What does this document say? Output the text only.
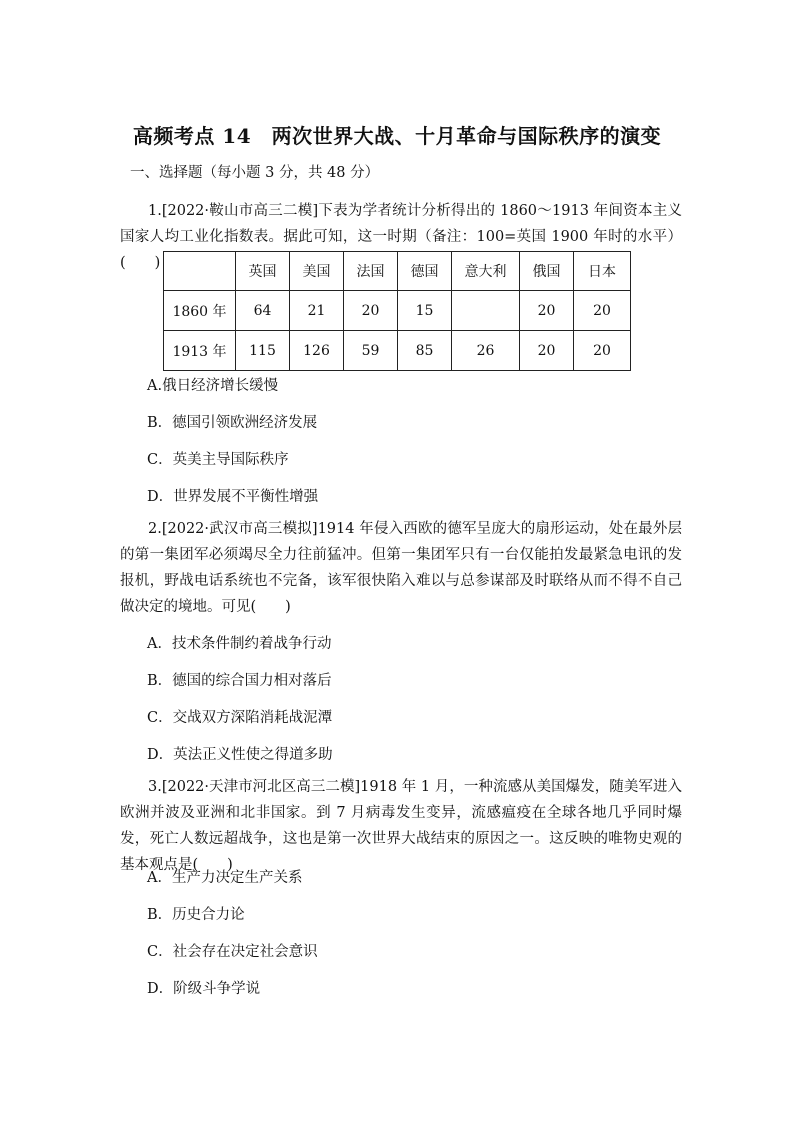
高频考点 14　两次世界大战、十月革命与国际秩序的演变
一、选择题（每小题 3 分，共 48 分）
1.[2022·鞍山市高三二模]下表为学者统计分析得出的 1860～1913 年间资本主义国家人均工业化指数表。据此可知，这一时期（备注：100=英国 1900 年时的水平）(　　)
	英国	美国	法国	德国	意大利	俄国	日本
1860 年	64	21	20	15		20	20
1913 年	115	126	59	85	26	20	20
A.俄日经济增长缓慢
B．德国引领欧洲经济发展
C．英美主导国际秩序
D．世界发展不平衡性增强
2.[2022·武汉市高三模拟]1914 年侵入西欧的德军呈庞大的扇形运动，处在最外层的第一集团军必须竭尽全力往前猛冲。但第一集团军只有一台仅能拍发最紧急电讯的发报机，野战电话系统也不完备，该军很快陷入难以与总参谋部及时联络从而不得不自己做决定的境地。可见(　　)
A．技术条件制约着战争行动
B．德国的综合国力相对落后
C．交战双方深陷消耗战泥潭
D．英法正义性使之得道多助
3.[2022·天津市河北区高三二模]1918 年 1 月，一种流感从美国爆发，随美军进入欧洲并波及亚洲和北非国家。到 7 月病毒发生变异，流感瘟疫在全球各地几乎同时爆发，死亡人数远超战争，这也是第一次世界大战结束的原因之一。这反映的唯物史观的基本观点是(　　)
A．生产力决定生产关系
B．历史合力论
C．社会存在决定社会意识
D．阶级斗争学说
